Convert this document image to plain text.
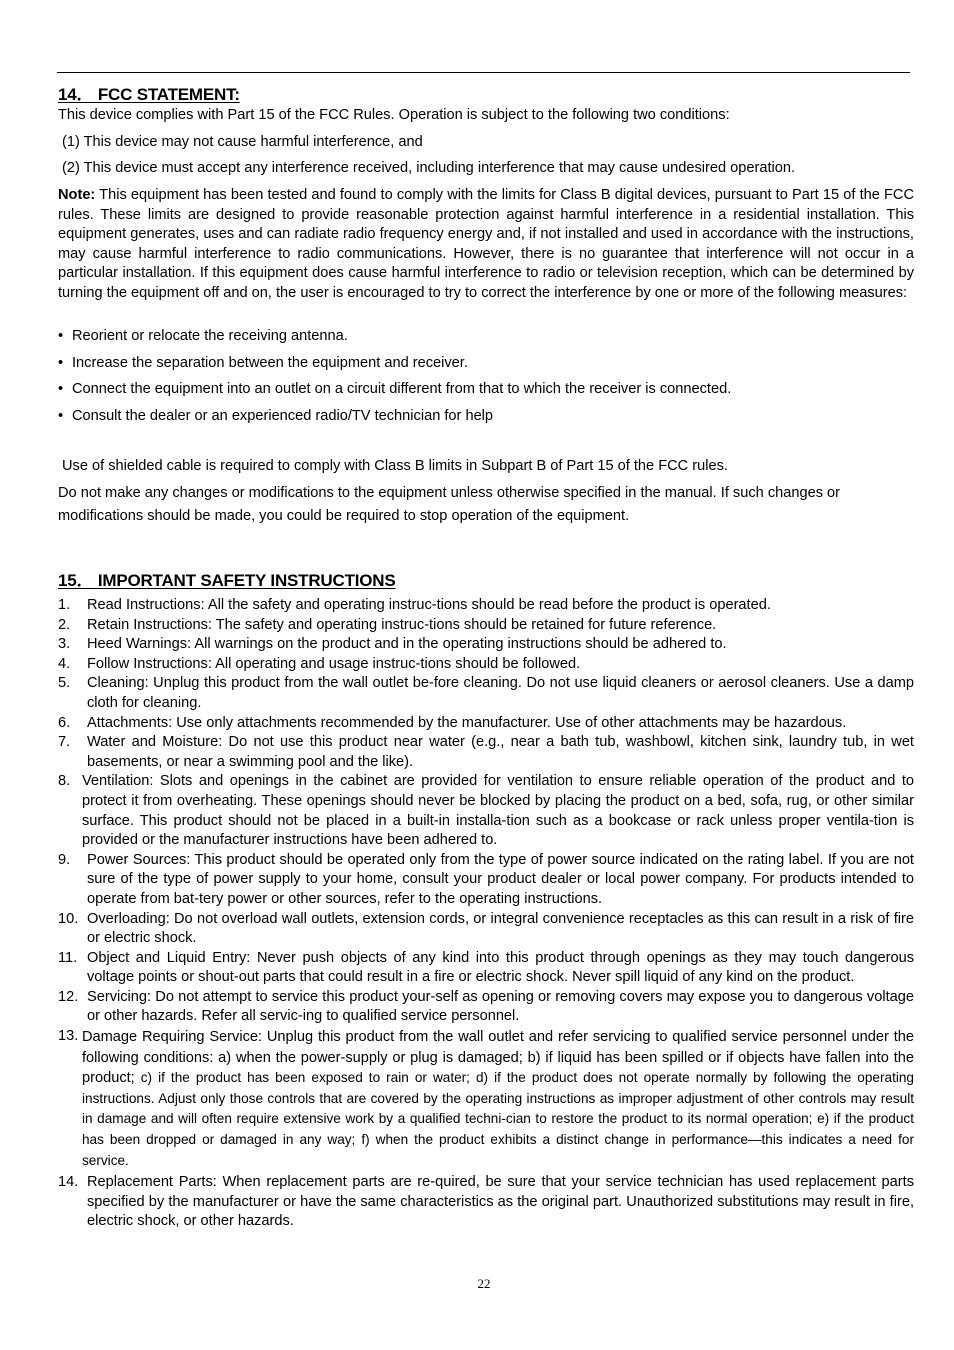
14． FCC STATEMENT:
This device complies with Part 15 of the FCC Rules. Operation is subject to the following two conditions:
(1) This device may not cause harmful interference, and
(2) This device must accept any interference received, including interference that may cause undesired operation.
Note: This equipment has been tested and found to comply with the limits for Class B digital devices, pursuant to Part 15 of the FCC rules. These limits are designed to provide reasonable protection against harmful interference in a residential installation. This equipment generates, uses and can radiate radio frequency energy and, if not installed and used in accordance with the instructions, may cause harmful interference to radio communications. However, there is no guarantee that interference will not occur in a particular installation. If this equipment does cause harmful interference to radio or television reception, which can be determined by turning the equipment off and on, the user is encouraged to try to correct the interference by one or more of the following measures:
• Reorient or relocate the receiving antenna.
• Increase the separation between the equipment and receiver.
• Connect the equipment into an outlet on a circuit different from that to which the receiver is connected.
• Consult the dealer or an experienced radio/TV technician for help
Use of shielded cable is required to comply with Class B limits in Subpart B of Part 15 of the FCC rules.
Do not make any changes or modifications to the equipment unless otherwise specified in the manual. If such changes or modifications should be made, you could be required to stop operation of the equipment.
15． IMPORTANT SAFETY INSTRUCTIONS
1. Read Instructions: All the safety and operating instruc-tions should be read before the product is operated.
2. Retain Instructions: The safety and operating instruc-tions should be retained for future reference.
3. Heed Warnings: All warnings on the product and in the operating instructions should be adhered to.
4. Follow Instructions: All operating and usage instruc-tions should be followed.
5. Cleaning: Unplug this product from the wall outlet be-fore cleaning. Do not use liquid cleaners or aerosol cleaners. Use a damp cloth for cleaning.
6. Attachments: Use only attachments recommended by the manufacturer. Use of other attachments may be hazardous.
7. Water and Moisture: Do not use this product near water (e.g., near a bath tub, washbowl, kitchen sink, laundry tub, in wet basements, or near a swimming pool and the like).
8. Ventilation: Slots and openings in the cabinet are provided for ventilation to ensure reliable operation of the product and to protect it from overheating. These openings should never be blocked by placing the product on a bed, sofa, rug, or other similar surface. This product should not be placed in a built-in installa-tion such as a bookcase or rack unless proper ventila-tion is provided or the manufacturer instructions have been adhered to.
9. Power Sources: This product should be operated only from the type of power source indicated on the rating label. If you are not sure of the type of power supply to your home, consult your product dealer or local power company. For products intended to operate from bat-tery power or other sources, refer to the operating instructions.
10. Overloading: Do not overload wall outlets, extension cords, or integral convenience receptacles as this can result in a risk of fire or electric shock.
11. Object and Liquid Entry: Never push objects of any kind into this product through openings as they may touch dangerous voltage points or shout-out parts that could result in a fire or electric shock. Never spill liquid of any kind on the product.
12. Servicing: Do not attempt to service this product your-self as opening or removing covers may expose you to dangerous voltage or other hazards. Refer all servic-ing to qualified service personnel.
13. Damage Requiring Service: Unplug this product from the wall outlet and refer servicing to qualified service personnel under the following conditions: a) when the power-supply or plug is damaged; b) if liquid has been spilled or if objects have fallen into the product; c) if the product has been exposed to rain or water; d) if the product does not operate normally by following the operating instructions. Adjust only those controls that are covered by the operating instructions as improper adjustment of other controls may result in damage and will often require extensive work by a qualified techni-cian to restore the product to its normal operation; e) if the product has been dropped or damaged in any way; f) when the product exhibits a distinct change in performance—this indicates a need for service.
14. Replacement Parts: When replacement parts are re-quired, be sure that your service technician has used replacement parts specified by the manufacturer or have the same characteristics as the original part. Unauthorized substitutions may result in fire, electric shock, or other hazards.
22
